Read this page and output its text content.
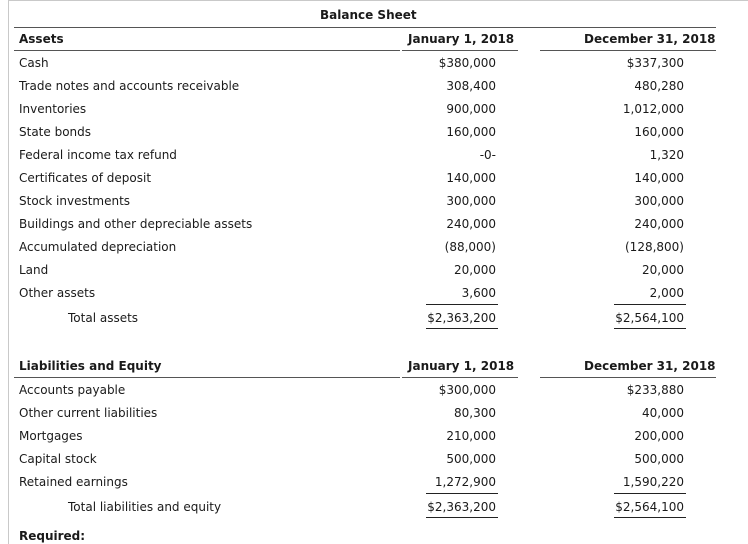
Balance Sheet
Assets	January 1, 2018	December 31, 2018
Cash	$380,000	$337,300
Trade notes and accounts receivable	308,400	480,280
Inventories	900,000	1,012,000
State bonds	160,000	160,000
Federal income tax refund	-0-	1,320
Certificates of deposit	140,000	140,000
Stock investments	300,000	300,000
Buildings and other depreciable assets	240,000	240,000
Accumulated depreciation	(88,000)	(128,800)
Land	20,000	20,000
Other assets	3,600	2,000
Total assets	$2,363,200	$2,564,100
Liabilities and Equity	January 1, 2018	December 31, 2018
Accounts payable	$300,000	$233,880
Other current liabilities	80,300	40,000
Mortgages	210,000	200,000
Capital stock	500,000	500,000
Retained earnings	1,272,900	1,590,220
Total liabilities and equity	$2,363,200	$2,564,100
Required:
